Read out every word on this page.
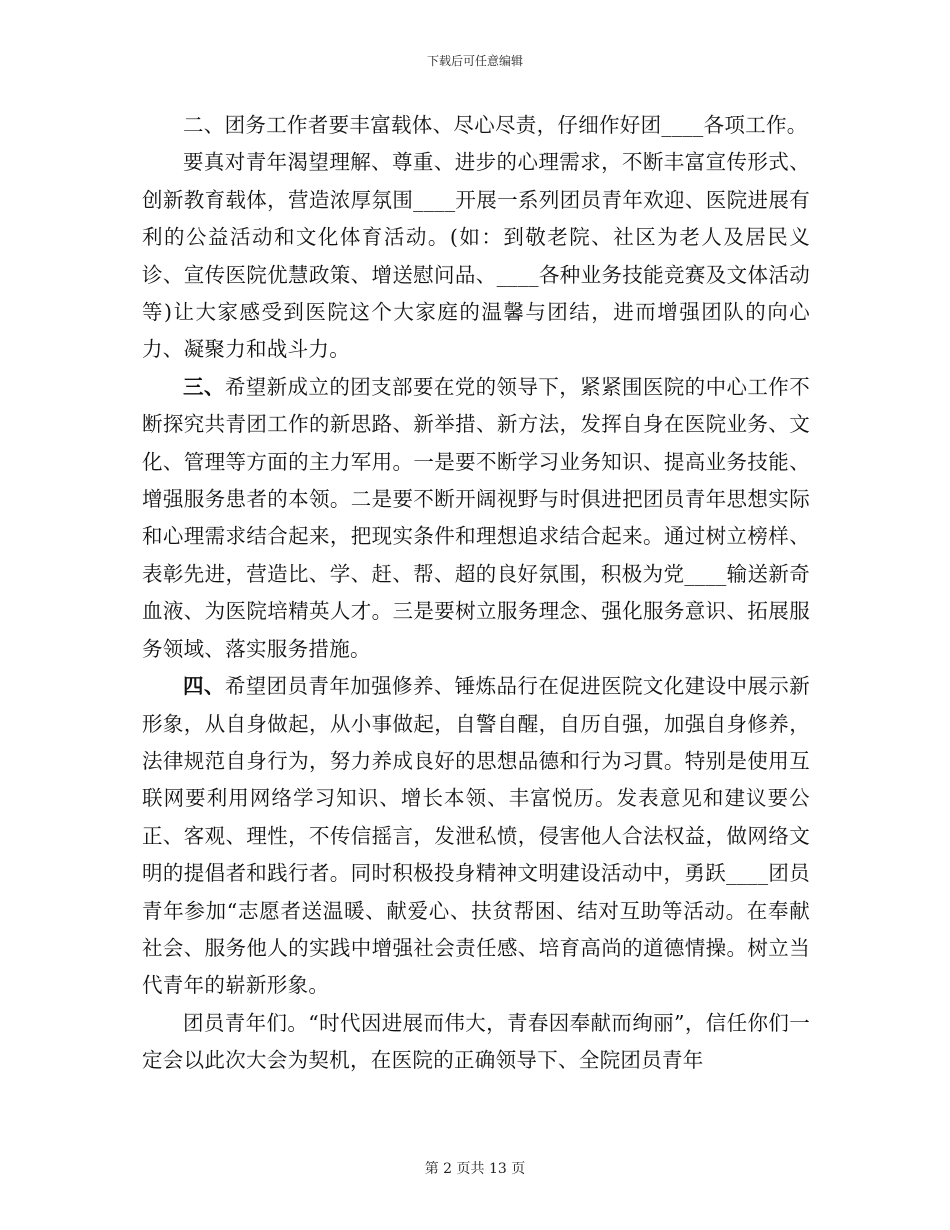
下载后可任意编辑

二、团务工作者要丰富载体、尽心尽责，仔细作好团____各项工作。

要真对青年渴望理解、尊重、进步的心理需求，不断丰富宣传形式、创新教育载体，营造浓厚氛围____开展一系列团员青年欢迎、医院进展有利的公益活动和文化体育活动。(如：到敬老院、社区为老人及居民义诊、宣传医院优慧政策、增送慰问品、____各种业务技能竞赛及文体活动等)让大家感受到医院这个大家庭的温馨与团结，进而增强团队的向心力、凝聚力和战斗力。

三、希望新成立的团支部要在党的领导下，紧紧围医院的中心工作不断探究共青团工作的新思路、新举措、新方法，发挥自身在医院业务、文化、管理等方面的主力军用。一是要不断学习业务知识、提高业务技能、增强服务患者的本领。二是要不断开阔视野与时俱进把团员青年思想实际和心理需求结合起来，把现实条件和理想追求结合起来。通过树立榜样、表彰先进，营造比、学、赶、帮、超的良好氛围，积极为党____输送新奇血液、为医院培精英人才。三是要树立服务理念、强化服务意识、拓展服务领域、落实服务措施。

四、希望团员青年加强修养、锤炼品行在促进医院文化建设中展示新形象，从自身做起，从小事做起，自警自醒，自历自强，加强自身修养，法律规范自身行为，努力养成良好的思想品德和行为习貫。特别是使用互联网要利用网络学习知识、增长本领、丰富悦历。发表意见和建议要公正、客观、理性，不传信摇言，发泄私愤，侵害他人合法权益，做网络文明的提倡者和践行者。同时积极投身精神文明建设活动中，勇跃____团员青年参加“志愿者送温暖、献爱心、扶贫帮困、结对互助等活动。在奉献社会、服务他人的实践中增强社会责任感、培育高尚的道德情操。树立当代青年的崭新形象。

团员青年们。“时代因进展而伟大，青春因奉献而绚丽”，信任你们一定会以此次大会为契机，在医院的正确领导下、全院团员青年

第 2 页共 13 页
